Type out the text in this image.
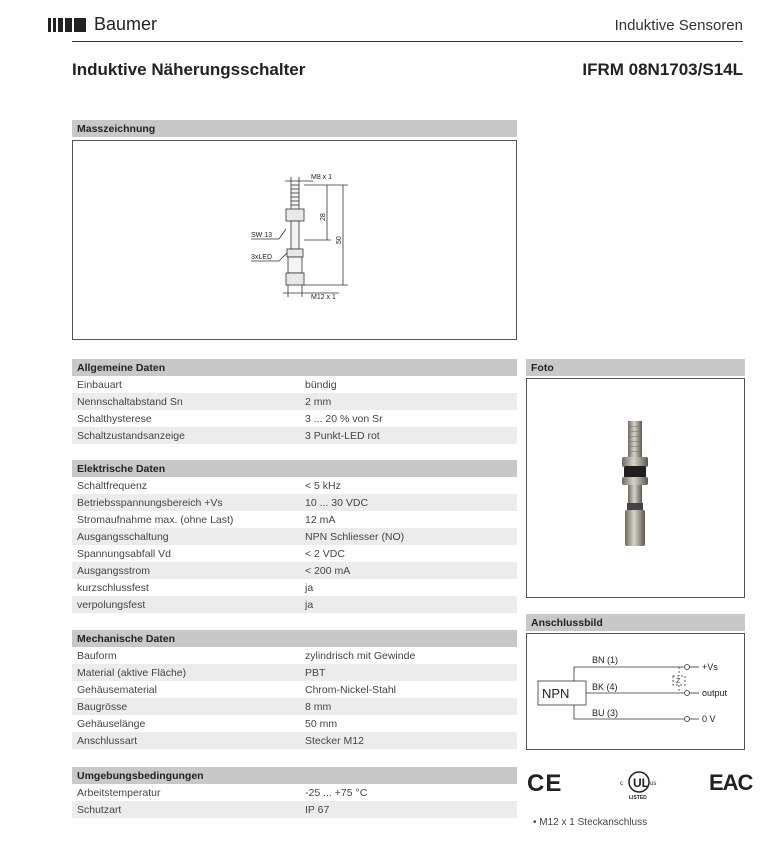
Baumer	Induktive Sensoren
Induktive Näherungsschalter	IFRM 08N1703/S14L
Masszeichnung
M8 x 1
SW 13
3xLED
28
50
M12 x 1
Allgemeine Daten
Einbauart	bündig
Nennschaltabstand Sn	2 mm
Schalthysterese	3 ... 20 % von Sr
Schaltzustandsanzeige	3 Punkt-LED rot
Elektrische Daten
Schaltfrequenz	< 5 kHz
Betriebsspannungsbereich +Vs	10 ... 30 VDC
Stromaufnahme max. (ohne Last)	12 mA
Ausgangsschaltung	NPN Schliesser (NO)
Spannungsabfall Vd	< 2 VDC
Ausgangsstrom	< 200 mA
kurzschlussfest	ja
verpolungsfest	ja
Mechanische Daten
Bauform	zylindrisch mit Gewinde
Material (aktive Fläche)	PBT
Gehäusematerial	Chrom-Nickel-Stahl
Baugrösse	8 mm
Gehäuselänge	50 mm
Anschlussart	Stecker M12
Umgebungsbedingungen
Arbeitstemperatur	-25 ... +75 °C
Schutzart	IP 67
Foto
Anschlussbild
NPN
BN (1)
BK (4)
BU (3)
Z
+Vs
output
0 V
CE	UL
c	us
LISTED
EAC
• M12 x 1 Steckanschluss
